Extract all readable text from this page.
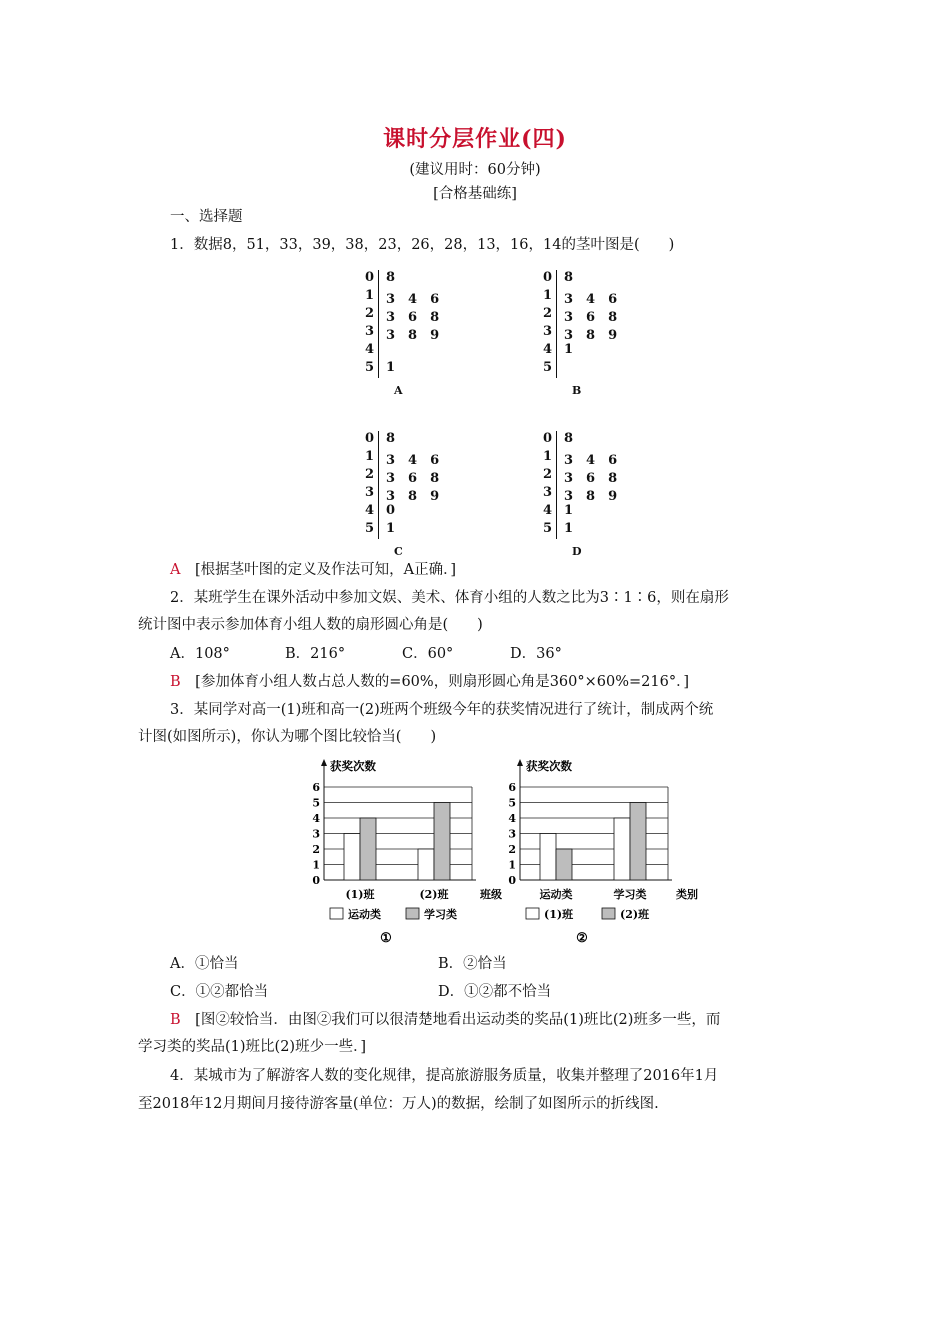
课时分层作业(四)
(建议用时：60分钟)
[合格基础练]
一、选择题
1．数据8，51，33，39，38，23，26，28，13，16，14的茎叶图是(　　)
0 8
1 3　4　6
2 3　6　8
3 3　8　9
4
5 1
A
0 8
1 3　4　6
2 3　6　8
3 3　8　9
4 1
5
B
0 8
1 3　4　6
2 3　6　8
3 3　8　9
4 0
5 1
C
0 8
1 3　4　6
2 3　6　8
3 3　8　9
4 1
5 1
D
A　 [根据茎叶图的定义及作法可知，A正确．]
2．某班学生在课外活动中参加文娱、美术、体育小组的人数之比为3∶1∶6，则在扇形
统计图中表示参加体育小组人数的扇形圆心角是(　　)
A．108°	B．216°	C．60°	D．36°
B　 [参加体育小组人数占总人数的=60%，则扇形圆心角是360°×60%=216°．]
3．某同学对高一(1)班和高一(2)班两个班级今年的获奖情况进行了统计，制成两个统
计图(如图所示)，你认为哪个图比较恰当(　　)
获奖次数
0
1
2
3
4
5
6
(1)班	(2)班	班级
运动类	学习类
①
获奖次数
0
1
2
3
4
5
6
运动类	学习类	类别
(1)班	(2)班
②
A．①恰当	B．②恰当
C．①②都恰当	D．①②都不恰当
B　 [图②较恰当．由图②我们可以很清楚地看出运动类的奖品(1)班比(2)班多一些，而
学习类的奖品(1)班比(2)班少一些．]
4．某城市为了解游客人数的变化规律，提高旅游服务质量，收集并整理了2016年1月
至2018年12月期间月接待游客量(单位：万人)的数据，绘制了如图所示的折线图.
